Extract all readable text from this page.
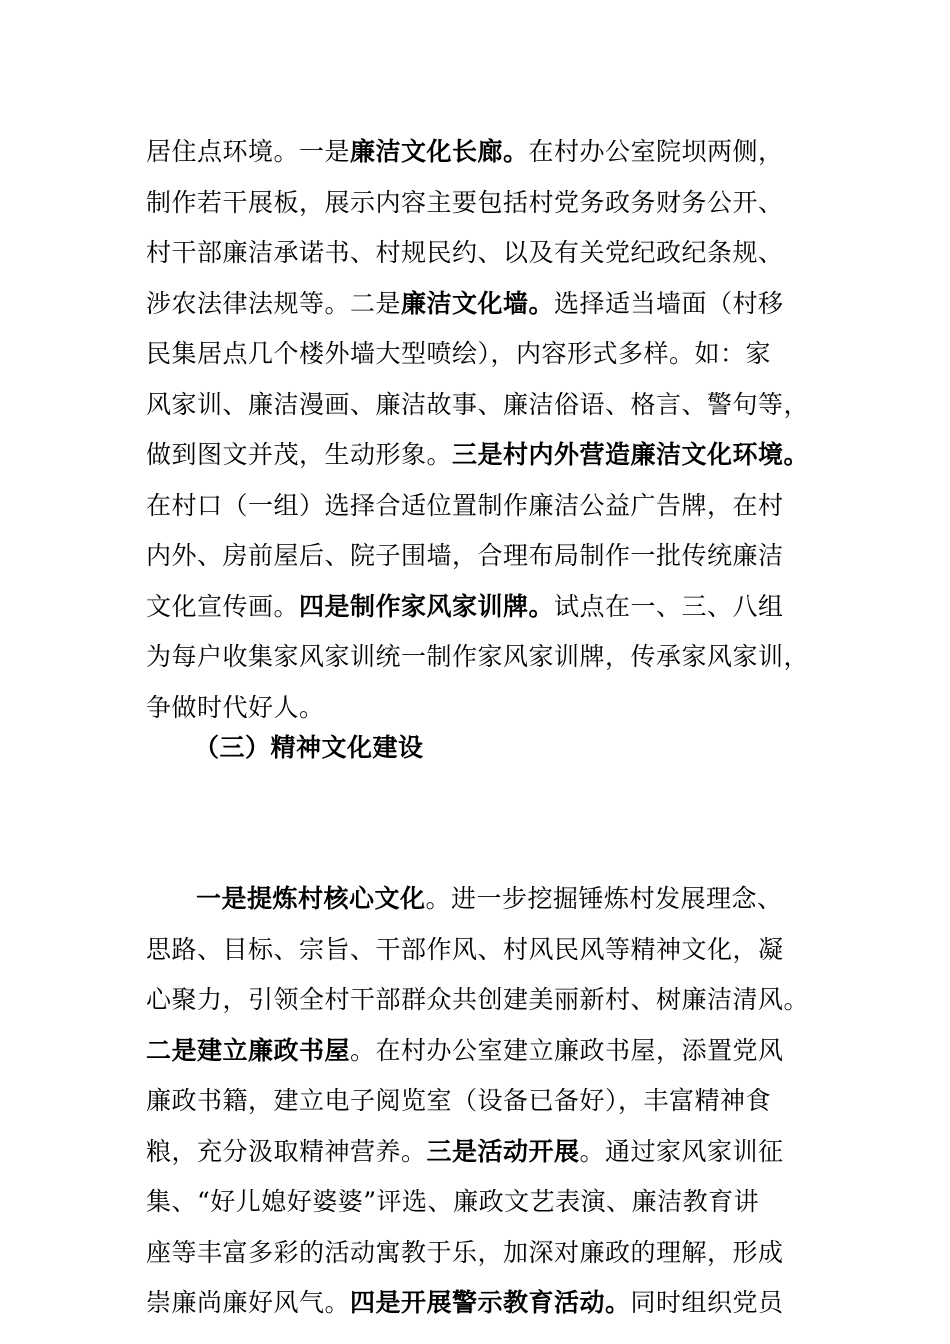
居住点环境。一是廉洁文化长廊。在村办公室院坝两侧，
制作若干展板，展示内容主要包括村党务政务财务公开、
村干部廉洁承诺书、村规民约、以及有关党纪政纪条规、
涉农法律法规等。二是廉洁文化墙。选择适当墙面（村移
民集居点几个楼外墙大型喷绘），内容形式多样。如：家
风家训、廉洁漫画、廉洁故事、廉洁俗语、格言、警句等，
做到图文并茂，生动形象。三是村内外营造廉洁文化环境。
在村口（一组）选择合适位置制作廉洁公益广告牌，在村
内外、房前屋后、院子围墙，合理布局制作一批传统廉洁
文化宣传画。四是制作家风家训牌。试点在一、三、八组
为每户收集家风家训统一制作家风家训牌，传承家风家训，
争做时代好人。
（三）精神文化建设
一是提炼村核心文化。进一步挖掘锤炼村发展理念、
思路、目标、宗旨、干部作风、村风民风等精神文化，凝
心聚力，引领全村干部群众共创建美丽新村、树廉洁清风。
二是建立廉政书屋。在村办公室建立廉政书屋，添置党风
廉政书籍，建立电子阅览室（设备已备好），丰富精神食
粮，充分汲取精神营养。三是活动开展。通过家风家训征
集、“好儿媳好婆婆”评选、廉政文艺表演、廉洁教育讲
座等丰富多彩的活动寓教于乐，加深对廉政的理解，形成
崇廉尚廉好风气。四是开展警示教育活动。同时组织党员
